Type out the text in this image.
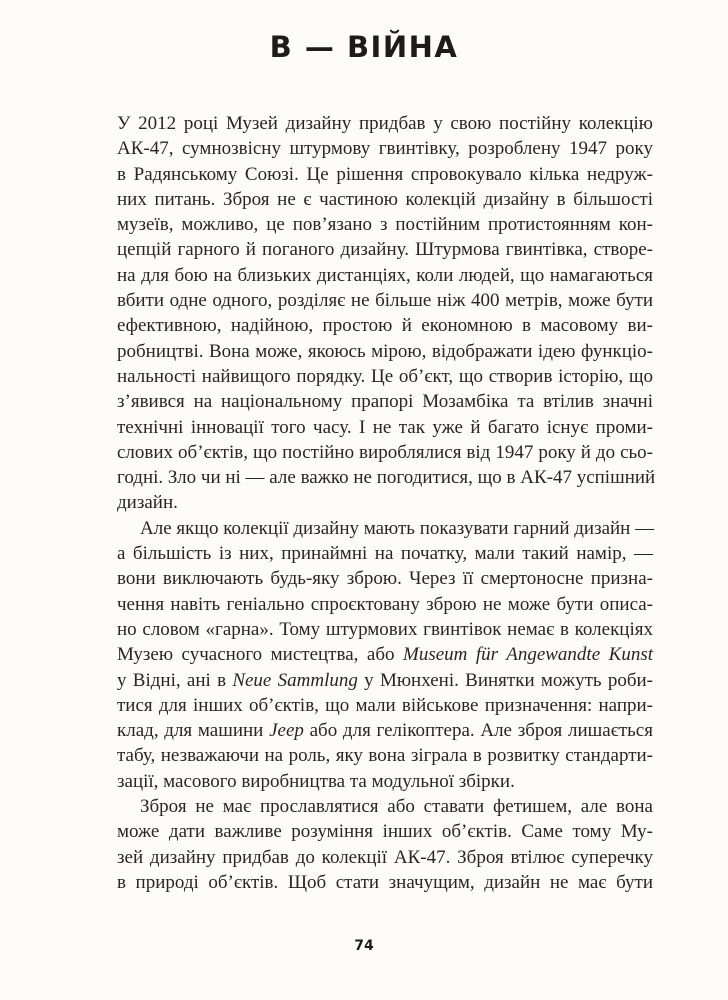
В — ВІЙНА
У 2012 році Музей дизайну придбав у свою постійну колекцію
АК-47, сумнозвісну штурмову гвинтівку, розроблену 1947 року
в Радянському Союзі. Це рішення спровокувало кілька недруж-
них питань. Зброя не є частиною колекцій дизайну в більшості
музеїв, можливо, це пов’язано з постійним протистоянням кон-
цепцій гарного й поганого дизайну. Штурмова гвинтівка, створе-
на для бою на близьких дистанціях, коли людей, що намагаються
вбити одне одного, розділяє не більше ніж 400 метрів, може бути
ефективною, надійною, простою й економною в масовому ви-
робництві. Вона може, якоюсь мірою, відображати ідею функціо-
нальності найвищого порядку. Це об’єкт, що створив історію, що
з’явився на національному прапорі Мозамбіка та втілив значні
технічні інновації того часу. І не так уже й багато існує проми-
слових об’єктів, що постійно вироблялися від 1947 року й до сьо-
годні. Зло чи ні — але важко не погодитися, що в АК-47 успішний
дизайн.
Але якщо колекції дизайну мають показувати гарний дизайн —
а більшість із них, принаймні на початку, мали такий намір, —
вони виключають будь-яку зброю. Через її смертоносне призна-
чення навіть геніально спроєктовану зброю не може бути описа-
но словом «гарна». Тому штурмових гвинтівок немає в колекціях
Музею сучасного мистецтва, або Museum für Angewandte Kunst
у Відні, ані в Neue Sammlung у Мюнхені. Винятки можуть роби-
тися для інших об’єктів, що мали військове призначення: напри-
клад, для машини Jeep або для гелікоптера. Але зброя лишається
табу, незважаючи на роль, яку вона зіграла в розвитку стандарти-
зації, масового виробництва та модульної збірки.
Зброя не має прославлятися або ставати фетишем, але вона
може дати важливе розуміння інших об’єктів. Саме тому Му-
зей дизайну придбав до колекції АК-47. Зброя втілює суперечку
в природі об’єктів. Щоб стати значущим, дизайн не має бути
74
